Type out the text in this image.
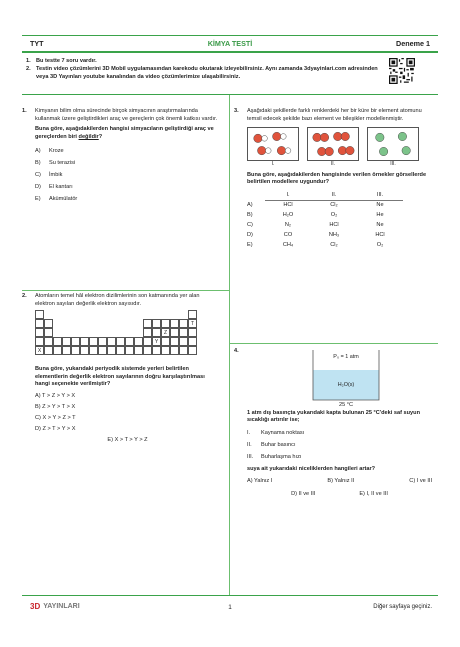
TYT	KİMYA TESTİ	Deneme 1
1. Bu testte 7 soru vardır.
2. Testin video çözümlerini 3D Mobil uygulamasından karekodu okutarak izleyebilirsiniz. Aynı zamanda 3dyayinlari.com adresinden veya 3D Yayınları youtube kanalından da video çözümlerimize ulaşabilirsiniz.
1. Kimyanın bilim olma sürecinde birçok simyacının araştırmalarında kullanmak üzere geliştirdikleri araç ve gereçlerin çok önemli katkısı vardır.
Buna göre, aşağıdakilerden hangisi simyacıların geliştirdiği araç ve gereçlerden biri değildir?
A)	Kroze
B)	Su terazisi
C)	İmbik
D)	El kantarı
E)	Akümülatör
2. Atomların temel hâl elektron dizilimlerinin son katmanında yer alan elektron sayıları değerlik elektron sayısıdır.
T
Z
Y
X
Buna göre, yukarıdaki periyodik sistemde yerleri belirtilen elementlerin değerlik elektron sayılarının doğru karşılaştırılması hangi seçenekte verilmiştir?
A) T > Z > Y > X
B) Z > Y > T > X
C) X > Y > Z > T
D) Z > T > Y > X
E) X > T > Y > Z
3. Aşağıdaki şekillerde farklı renklerdeki her bir küre bir element atomunu temsil edecek şekilde bazı element ve bileşikler modellenmiştir.
I.	II.	III.
Buna göre, aşağıdakilerden hangisinde verilen örnekler görsellerde belirtilen modellere uygundur?
	I.	II.	III.
A)	HCl	Cl₂	Ne
B)	H₂O	O₂	He
C)	N₂	HCl	Ne
D)	CO	NH₃	HCl
E)	CH₄	Cl₂	O₂
4.
P₀ = 1 atm
H₂O(s)
25 °C
1 atm dış basınçta yukarıdaki kapta bulunan 25 °C'deki saf suyun sıcaklığı artırılır ise;
I.	Kaynama noktası
II.	Buhar basıncı
III.	Buharlaşma hızı
suya ait yukarıdaki niceliklerden hangileri artar?
A) Yalnız I	B) Yalnız II	C) I ve III
D) II ve III	E) I, II ve III
3D YAYINLARI	1	Diğer sayfaya geçiniz.
